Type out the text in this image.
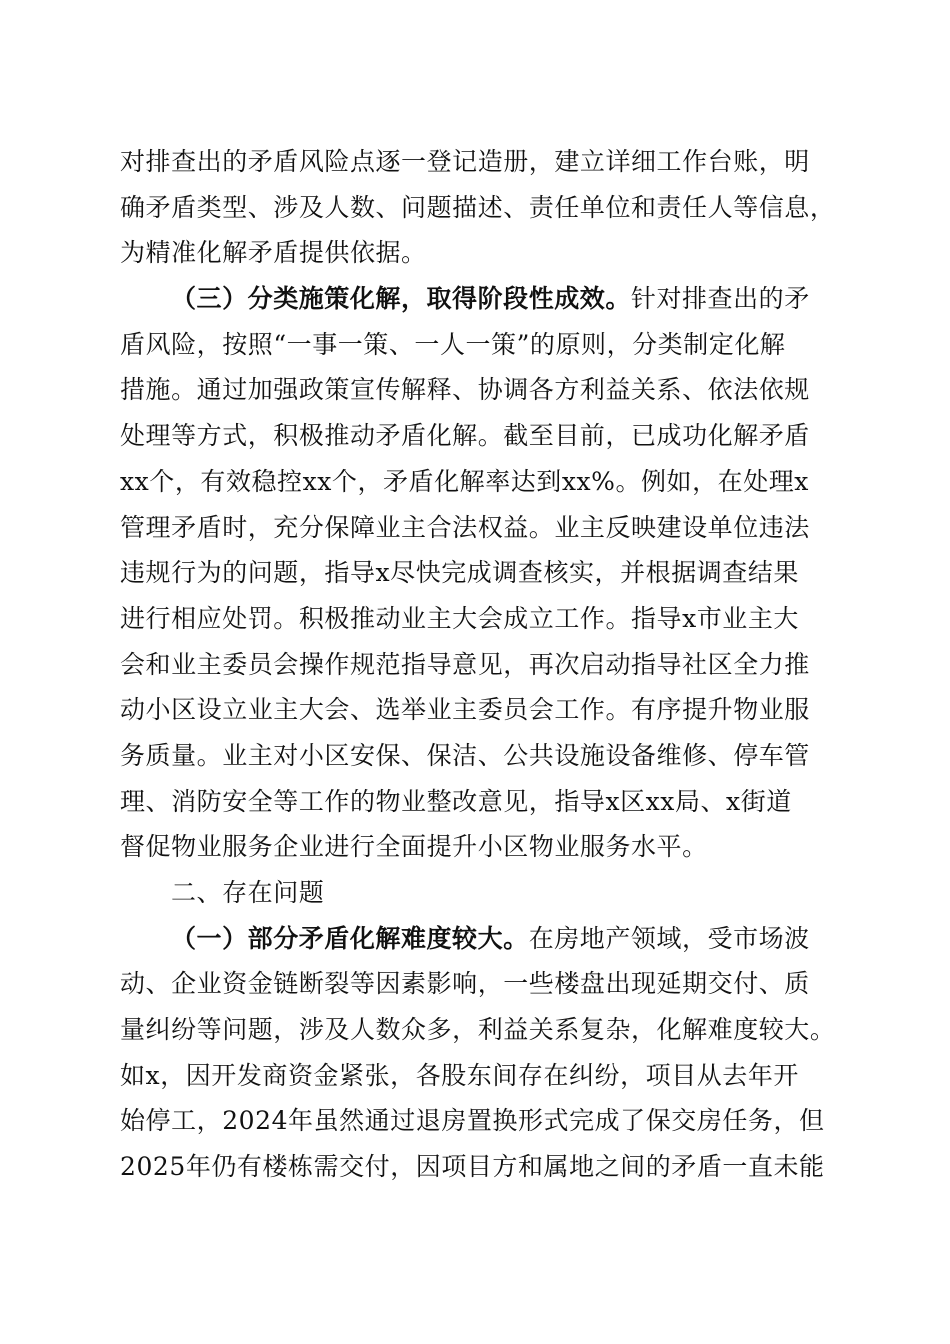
对排查出的矛盾风险点逐一登记造册，建立详细工作台账，明
确矛盾类型、涉及人数、问题描述、责任单位和责任人等信息，
为精准化解矛盾提供依据。
（三）分类施策化解，取得阶段性成效。针对排查出的矛
盾风险，按照“一事一策、一人一策”的原则，分类制定化解
措施。通过加强政策宣传解释、协调各方利益关系、依法依规
处理等方式，积极推动矛盾化解。截至目前，已成功化解矛盾
xx个，有效稳控xx个，矛盾化解率达到xx%。例如，在处理x
管理矛盾时，充分保障业主合法权益。业主反映建设单位违法
违规行为的问题，指导x尽快完成调查核实，并根据调查结果
进行相应处罚。积极推动业主大会成立工作。指导x市业主大
会和业主委员会操作规范指导意见，再次启动指导社区全力推
动小区设立业主大会、选举业主委员会工作。有序提升物业服
务质量。业主对小区安保、保洁、公共设施设备维修、停车管
理、消防安全等工作的物业整改意见，指导x区xx局、x街道
督促物业服务企业进行全面提升小区物业服务水平。
二、存在问题
（一）部分矛盾化解难度较大。在房地产领域，受市场波
动、企业资金链断裂等因素影响，一些楼盘出现延期交付、质
量纠纷等问题，涉及人数众多，利益关系复杂，化解难度较大。
如x，因开发商资金紧张，各股东间存在纠纷，项目从去年开
始停工，2024年虽然通过退房置换形式完成了保交房任务，但
2025年仍有楼栋需交付，因项目方和属地之间的矛盾一直未能
